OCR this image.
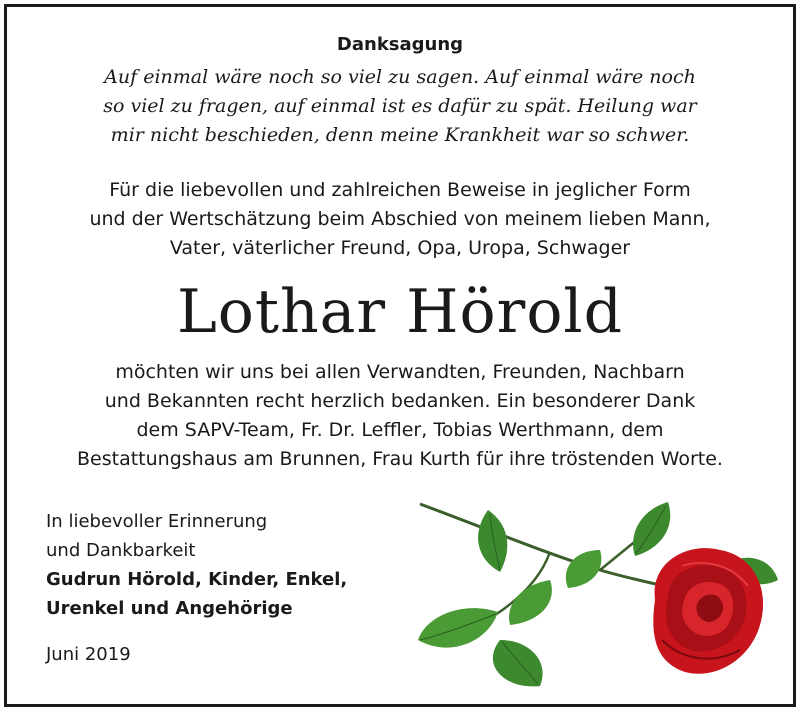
Danksagung
Auf einmal wäre noch so viel zu sagen. Auf einmal wäre noch
so viel zu fragen, auf einmal ist es dafür zu spät. Heilung war
mir nicht beschieden, denn meine Krankheit war so schwer.
Für die liebevollen und zahlreichen Beweise in jeglicher Form
und der Wertschätzung beim Abschied von meinem lieben Mann,
Vater, väterlicher Freund, Opa, Uropa, Schwager
Lothar Hörold
möchten wir uns bei allen Verwandten, Freunden, Nachbarn
und Bekannten recht herzlich bedanken. Ein besonderer Dank
dem SAPV-Team, Fr. Dr. Leffler, Tobias Werthmann, dem
Bestattungshaus am Brunnen, Frau Kurth für ihre tröstenden Worte.
In liebevoller Erinnerung
und Dankbarkeit
Gudrun Hörold, Kinder, Enkel,
Urenkel und Angehörige
Juni 2019
